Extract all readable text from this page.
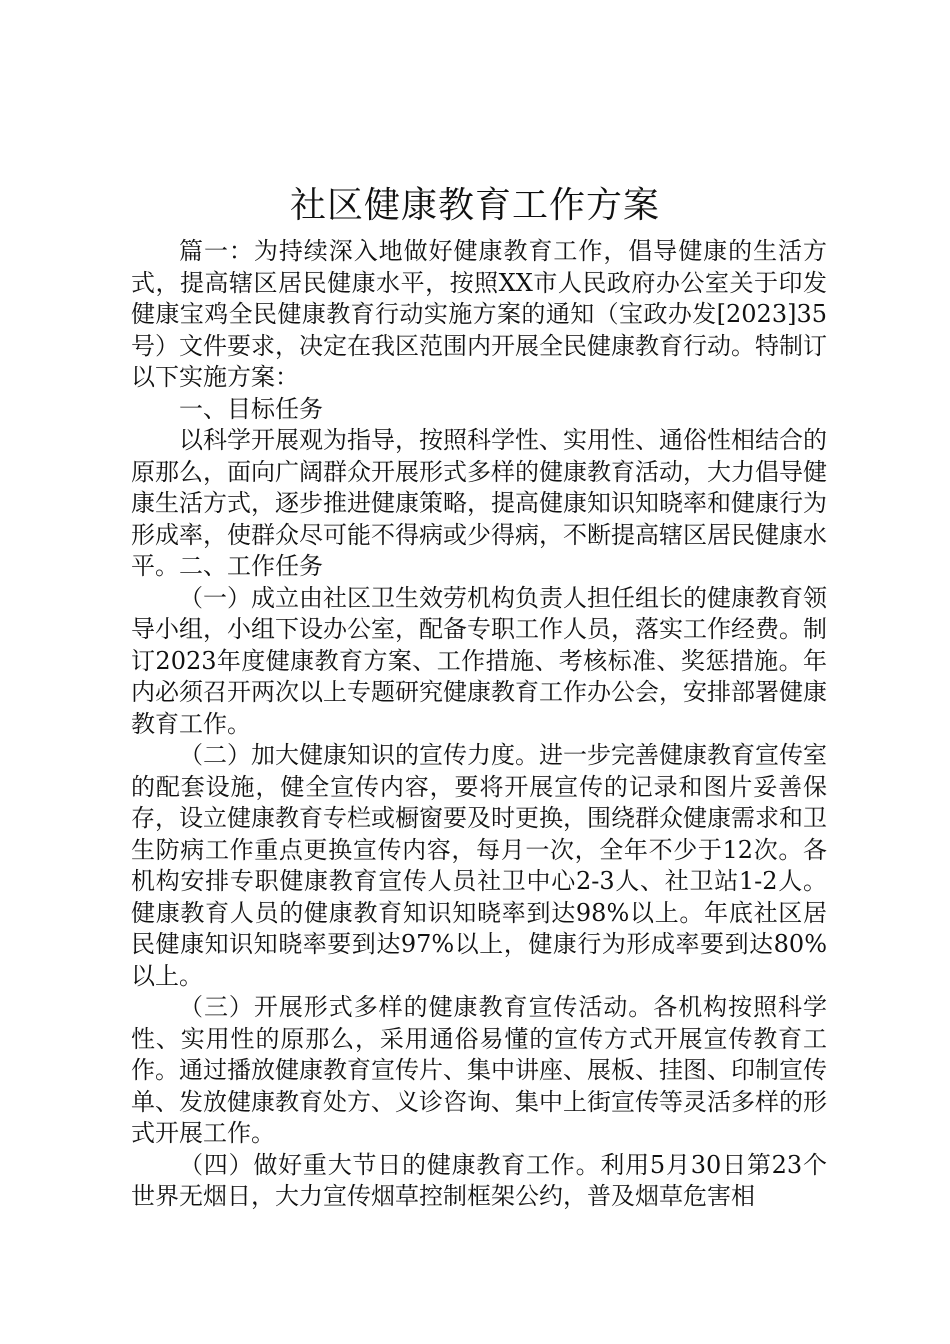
社区健康教育工作方案

篇一：为持续深入地做好健康教育工作，倡导健康的生活方式，提高辖区居民健康水平，按照XX市人民政府办公室关于印发健康宝鸡全民健康教育行动实施方案的通知（宝政办发[2023]35号）文件要求，决定在我区范围内开展全民健康教育行动。特制订以下实施方案：

一、目标任务

以科学开展观为指导，按照科学性、实用性、通俗性相结合的原那么，面向广阔群众开展形式多样的健康教育活动，大力倡导健康生活方式，逐步推进健康策略，提高健康知识知晓率和健康行为形成率，使群众尽可能不得病或少得病，不断提高辖区居民健康水平。二、工作任务

（一）成立由社区卫生效劳机构负责人担任组长的健康教育领导小组，小组下设办公室，配备专职工作人员，落实工作经费。制订2023年度健康教育方案、工作措施、考核标准、奖惩措施。年内必须召开两次以上专题研究健康教育工作办公会，安排部署健康教育工作。

（二）加大健康知识的宣传力度。进一步完善健康教育宣传室的配套设施，健全宣传内容，要将开展宣传的记录和图片妥善保存，设立健康教育专栏或橱窗要及时更换，围绕群众健康需求和卫生防病工作重点更换宣传内容，每月一次，全年不少于12次。各机构安排专职健康教育宣传人员社卫中心2-3人、社卫站1-2人。健康教育人员的健康教育知识知晓率到达98%以上。年底社区居民健康知识知晓率要到达97%以上，健康行为形成率要到达80%以上。

（三）开展形式多样的健康教育宣传活动。各机构按照科学性、实用性的原那么，采用通俗易懂的宣传方式开展宣传教育工作。通过播放健康教育宣传片、集中讲座、展板、挂图、印制宣传单、发放健康教育处方、义诊咨询、集中上街宣传等灵活多样的形式开展工作。

（四）做好重大节日的健康教育工作。利用5月30日第23个世界无烟日，大力宣传烟草控制框架公约，普及烟草危害相
